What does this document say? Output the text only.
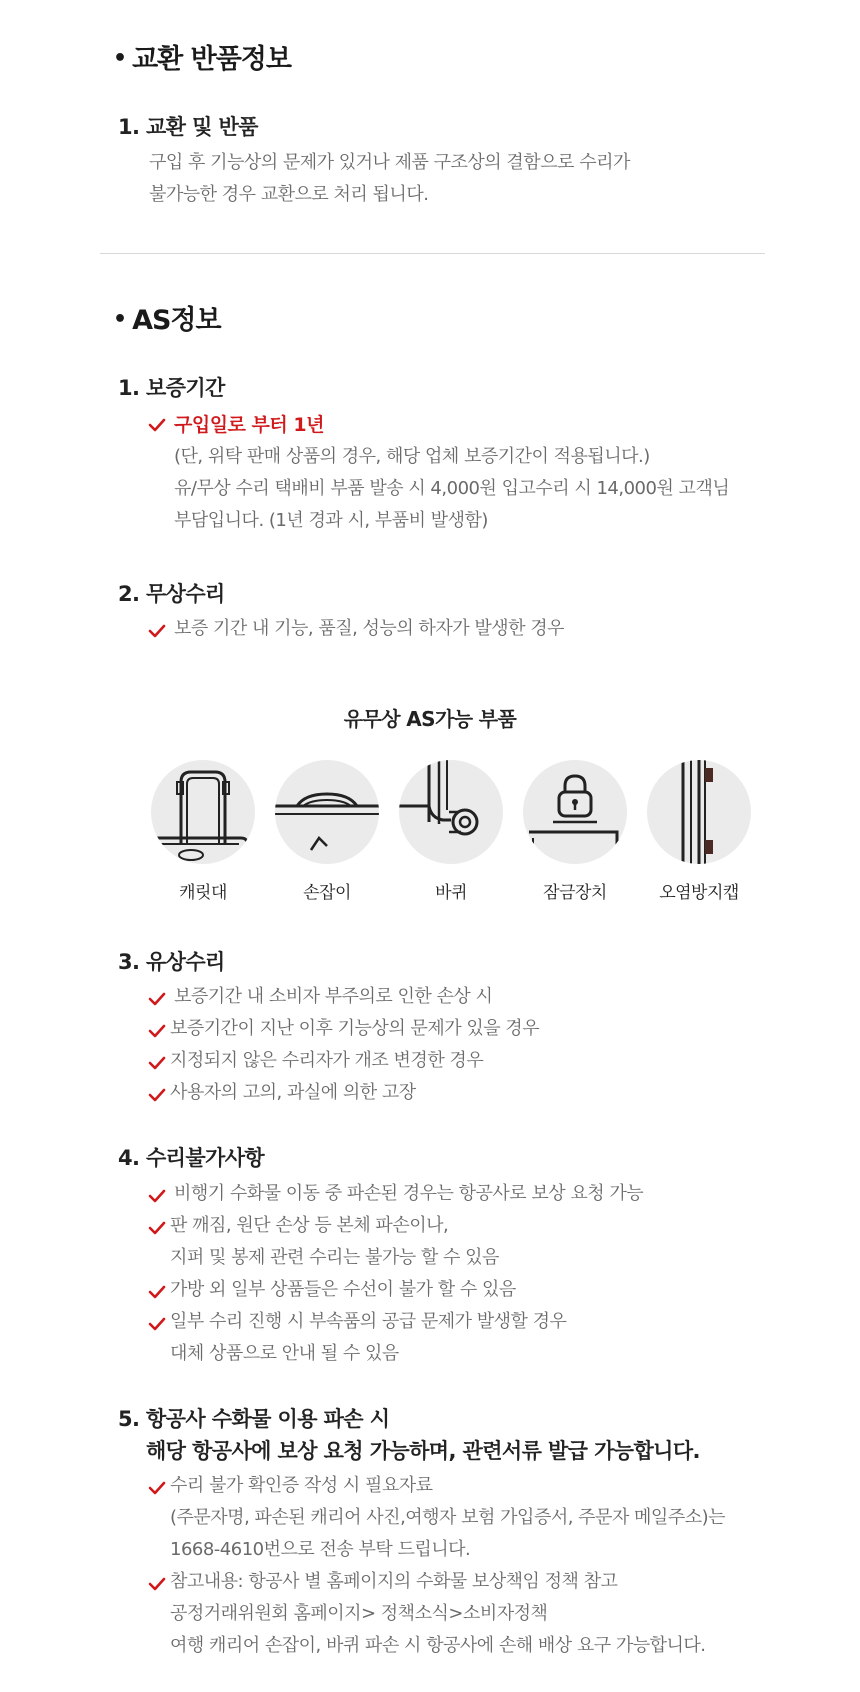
• 교환 반품정보
1. 교환 및 반품
구입 후 기능상의 문제가 있거나 제품 구조상의 결함으로 수리가
불가능한 경우 교환으로 처리 됩니다.
• AS정보
1. 보증기간
구입일로 부터 1년
(단, 위탁 판매 상품의 경우, 해당 업체 보증기간이 적용됩니다.)
유/무상 수리 택배비 부품 발송 시 4,000원 입고수리 시 14,000원 고객님
부담입니다. (1년 경과 시, 부품비 발생함)
2. 무상수리
보증 기간 내 기능, 품질, 성능의 하자가 발생한 경우
유무상 AS가능 부품
캐릿대	손잡이	바퀴	잠금장치	오염방지캡
3. 유상수리
보증기간 내 소비자 부주의로 인한 손상 시
보증기간이 지난 이후 기능상의 문제가 있을 경우
지정되지 않은 수리자가 개조 변경한 경우
사용자의 고의, 과실에 의한 고장
4. 수리불가사항
비행기 수화물 이동 중 파손된 경우는 항공사로 보상 요청 가능
판 깨짐, 원단 손상 등 본체 파손이나,
지퍼 및 봉제 관련 수리는 불가능 할 수 있음
가방 외 일부 상품들은 수선이 불가 할 수 있음
일부 수리 진행 시 부속품의 공급 문제가 발생할 경우
대체 상품으로 안내 될 수 있음
5. 항공사 수화물 이용 파손 시
해당 항공사에 보상 요청 가능하며, 관련서류 발급 가능합니다.
수리 불가 확인증 작성 시 필요자료
(주문자명, 파손된 캐리어 사진,여행자 보험 가입증서, 주문자 메일주소)는
1668-4610번으로 전송 부탁 드립니다.
참고내용: 항공사 별 홈페이지의 수화물 보상책임 정책 참고
공정거래위원회 홈페이지> 정책소식>소비자정책
여행 캐리어 손잡이, 바퀴 파손 시 항공사에 손해 배상 요구 가능합니다.
